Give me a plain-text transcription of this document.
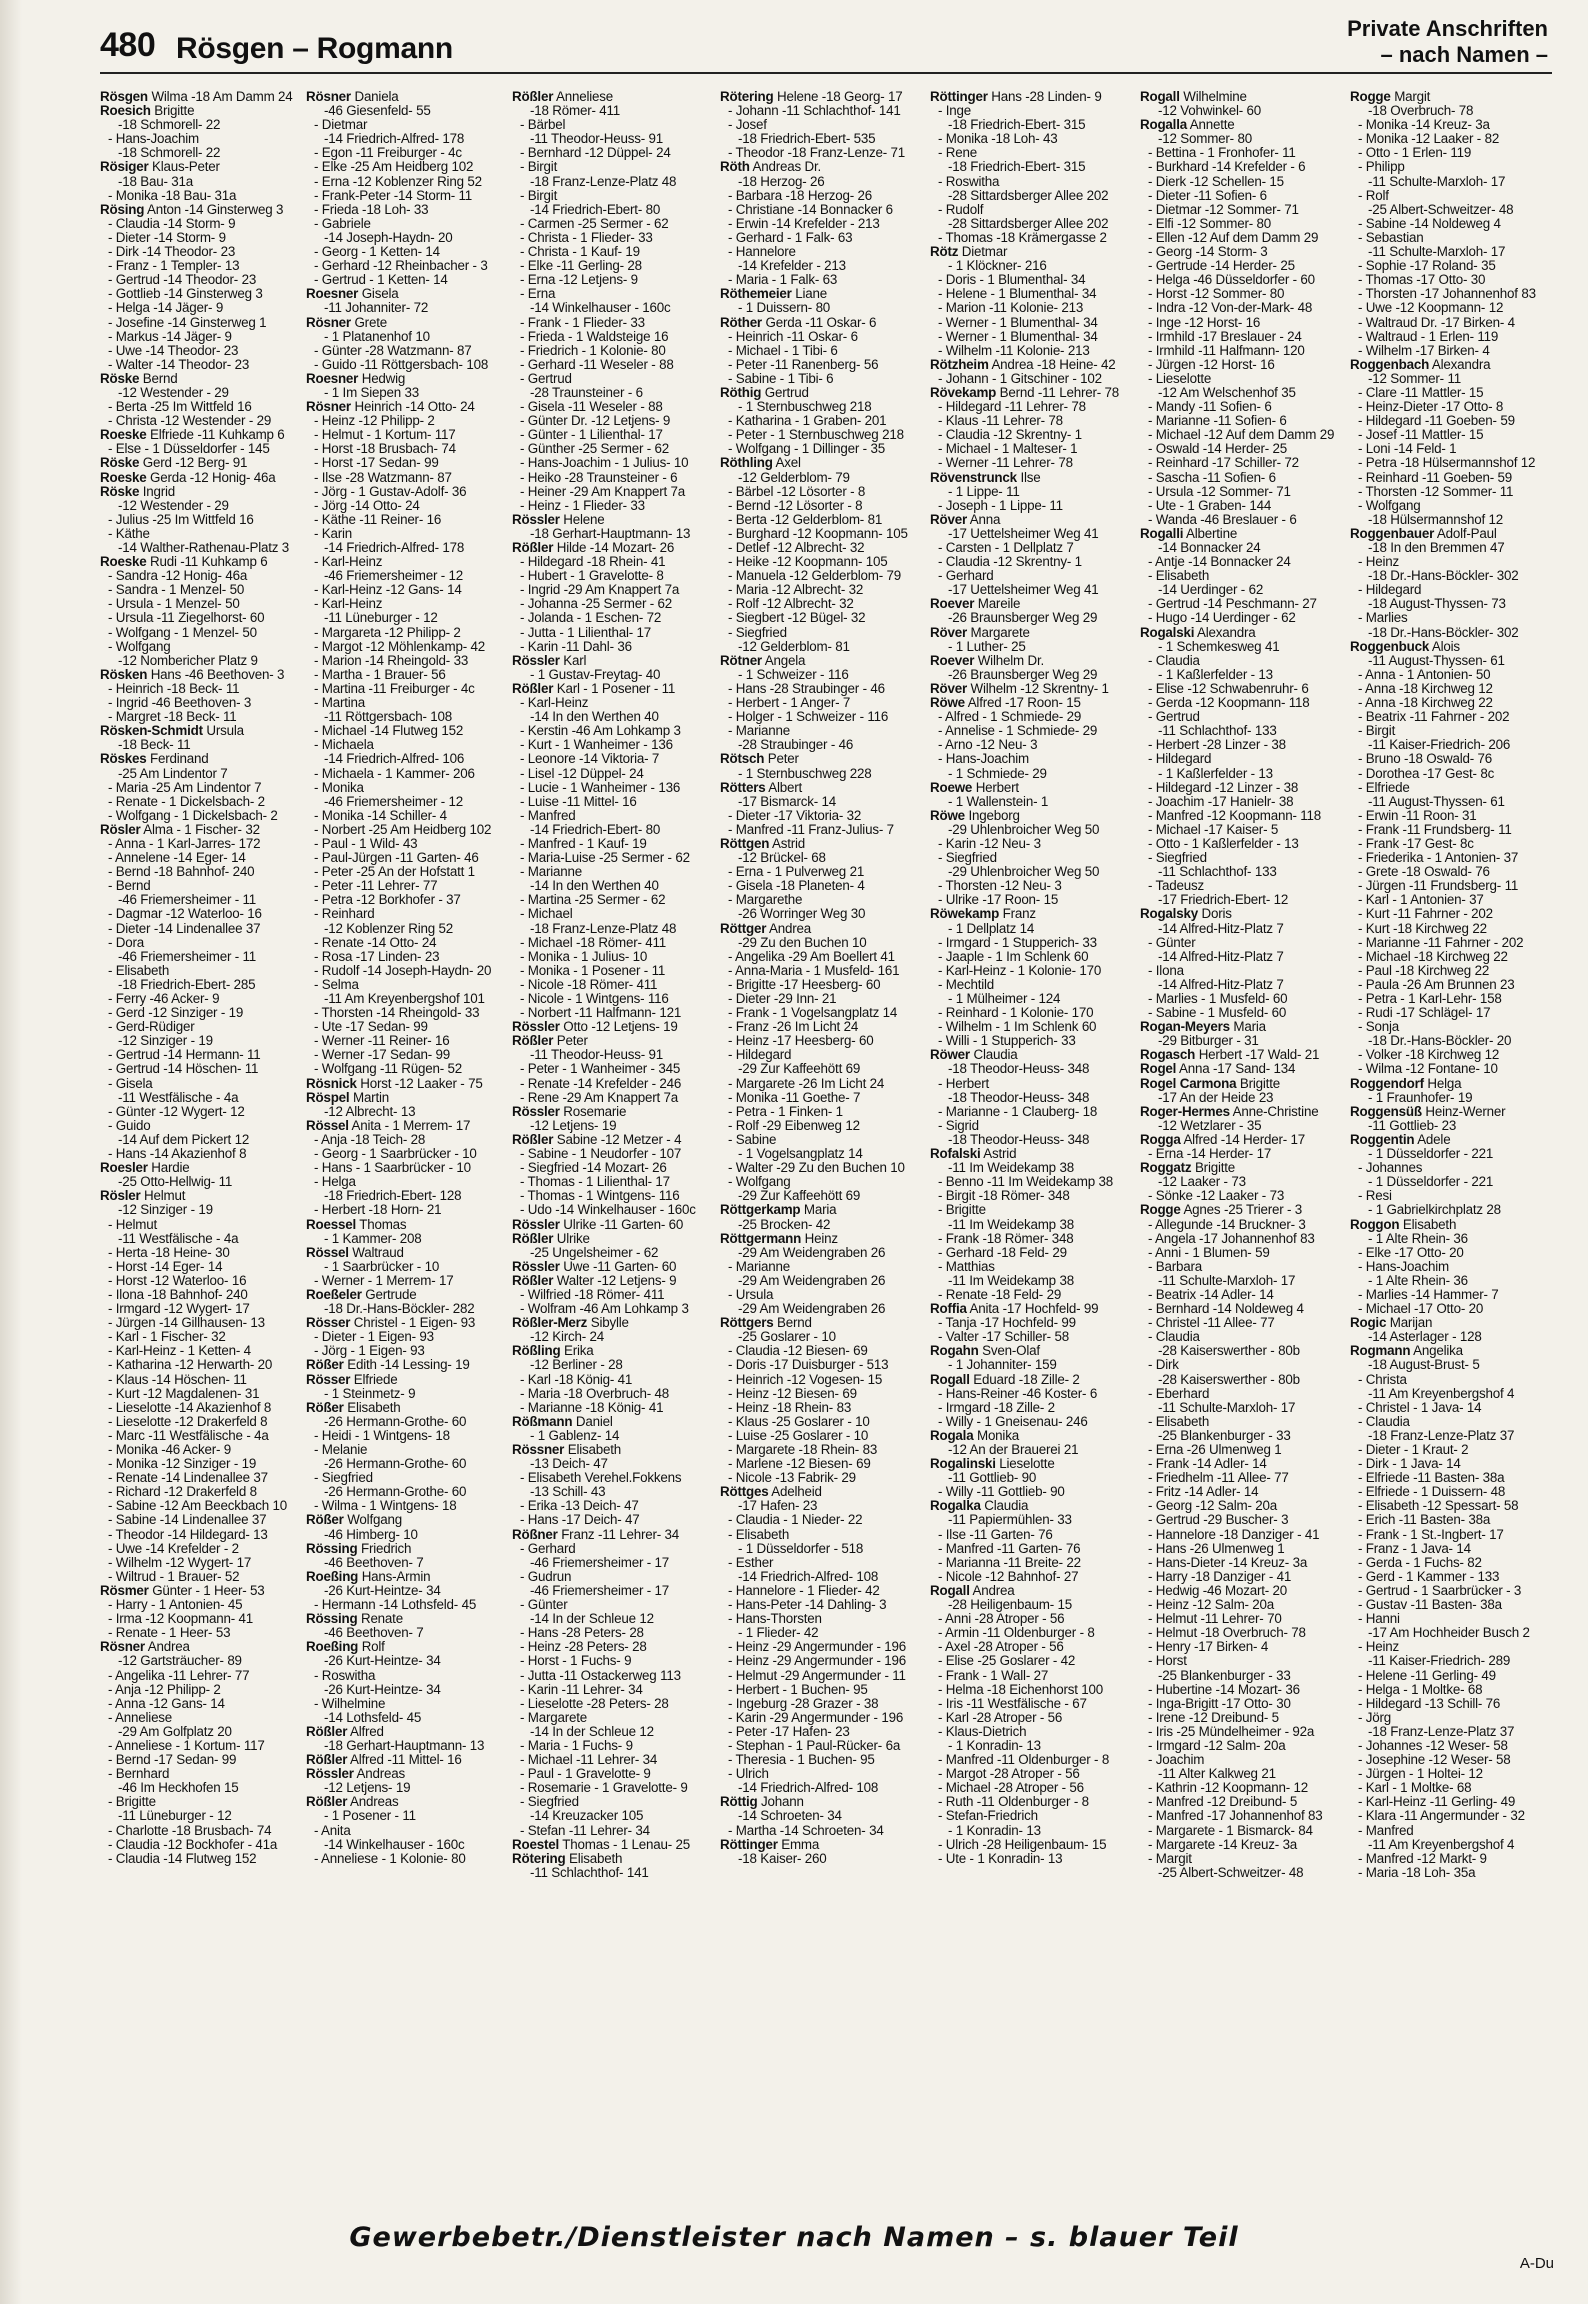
480 Rösgen – Rogmann
Private Anschriften
– nach Namen –
Rösgen Wilma -18 Am Damm 24
Roesich Brigitte
-18 Schmorell- 22
- Hans-Joachim
-18 Schmorell- 22
Rösiger Klaus-Peter
-18 Bau- 31a
- Monika -18 Bau- 31a
Rösing Anton -14 Ginsterweg 3
- Claudia -14 Storm- 9
- Dieter -14 Storm- 9
- Dirk -14 Theodor- 23
- Franz - 1 Templer- 13
- Gertrud -14 Theodor- 23
- Gottlieb -14 Ginsterweg 3
- Helga -14 Jäger- 9
- Josefine -14 Ginsterweg 1
- Markus -14 Jäger- 9
- Uwe -14 Theodor- 23
- Walter -14 Theodor- 23
Röske Bernd
-12 Westender - 29
- Berta -25 Im Wittfeld 16
- Christa -12 Westender - 29
Roeske Elfriede -11 Kuhkamp 6
- Else - 1 Düsseldorfer - 145
Röske Gerd -12 Berg- 91
Roeske Gerda -12 Honig- 46a
Röske Ingrid
-12 Westender - 29
- Julius -25 Im Wittfeld 16
- Käthe
-14 Walther-Rathenau-Platz 3
Roeske Rudi -11 Kuhkamp 6
- Sandra -12 Honig- 46a
- Sandra - 1 Menzel- 50
- Ursula - 1 Menzel- 50
- Ursula -11 Ziegelhorst- 60
- Wolfgang - 1 Menzel- 50
- Wolfgang
-12 Nombericher Platz 9
Rösken Hans -46 Beethoven- 3
- Heinrich -18 Beck- 11
- Ingrid -46 Beethoven- 3
- Margret -18 Beck- 11
Rösken-Schmidt Ursula
-18 Beck- 11
Röskes Ferdinand
-25 Am Lindentor 7
- Maria -25 Am Lindentor 7
- Renate - 1 Dickelsbach- 2
- Wolfgang - 1 Dickelsbach- 2
Rösler Alma - 1 Fischer- 32
- Anna - 1 Karl-Jarres- 172
- Annelene -14 Eger- 14
- Bernd -18 Bahnhof- 240
- Bernd
-46 Friemersheimer - 11
- Dagmar -12 Waterloo- 16
- Dieter -14 Lindenallee 37
- Dora
-46 Friemersheimer - 11
- Elisabeth
-18 Friedrich-Ebert- 285
- Ferry -46 Acker- 9
- Gerd -12 Sinziger - 19
- Gerd-Rüdiger
-12 Sinziger - 19
- Gertrud -14 Hermann- 11
- Gertrud -14 Höschen- 11
- Gisela
-11 Westfälische - 4a
- Günter -12 Wygert- 12
- Guido
-14 Auf dem Pickert 12
- Hans -14 Akazienhof 8
Roesler Hardie
-25 Otto-Hellwig- 11
Rösler Helmut
-12 Sinziger - 19
- Helmut
-11 Westfälische - 4a
- Herta -18 Heine- 30
- Horst -14 Eger- 14
- Horst -12 Waterloo- 16
- Ilona -18 Bahnhof- 240
- Irmgard -12 Wygert- 17
- Jürgen -14 Gillhausen- 13
- Karl - 1 Fischer- 32
- Karl-Heinz - 1 Ketten- 4
- Katharina -12 Herwarth- 20
- Klaus -14 Höschen- 11
- Kurt -12 Magdalenen- 31
- Lieselotte -14 Akazienhof 8
- Lieselotte -12 Drakerfeld 8
- Marc -11 Westfälische - 4a
- Monika -46 Acker- 9
- Monika -12 Sinziger - 19
- Renate -14 Lindenallee 37
- Richard -12 Drakerfeld 8
- Sabine -12 Am Beeckbach 10
- Sabine -14 Lindenallee 37
- Theodor -14 Hildegard- 13
- Uwe -14 Krefelder - 2
- Wilhelm -12 Wygert- 17
- Wiltrud - 1 Brauer- 52
Rösmer Günter - 1 Heer- 53
- Harry - 1 Antonien- 45
- Irma -12 Koopmann- 41
- Renate - 1 Heer- 53
Rösner Andrea
-12 Gartsträucher- 89
- Angelika -11 Lehrer- 77
- Anja -12 Philipp- 2
- Anna -12 Gans- 14
- Anneliese
-29 Am Golfplatz 20
- Anneliese - 1 Kortum- 117
- Bernd -17 Sedan- 99
- Bernhard
-46 Im Heckhofen 15
- Brigitte
-11 Lüneburger - 12
- Charlotte -18 Brusbach- 74
- Claudia -12 Bockhofer - 41a
- Claudia -14 Flutweg 152
Rösner Daniela
-46 Giesenfeld- 55
- Dietmar
-14 Friedrich-Alfred- 178
- Egon -11 Freiburger - 4c
- Elke -25 Am Heidberg 102
- Erna -12 Koblenzer Ring 52
- Frank-Peter -14 Storm- 11
- Frieda -18 Loh- 33
- Gabriele
-14 Joseph-Haydn- 20
- Georg - 1 Ketten- 14
- Gerhard -12 Rheinbacher - 3
- Gertrud - 1 Ketten- 14
Roesner Gisela
-11 Johanniter- 72
Rösner Grete
- 1 Platanenhof 10
- Günter -28 Watzmann- 87
- Guido -11 Röttgersbach- 108
Roesner Hedwig
- 1 Im Siepen 33
Rösner Heinrich -14 Otto- 24
- Heinz -12 Philipp- 2
- Helmut - 1 Kortum- 117
- Horst -18 Brusbach- 74
- Horst -17 Sedan- 99
- Ilse -28 Watzmann- 87
- Jörg - 1 Gustav-Adolf- 36
- Jörg -14 Otto- 24
- Käthe -11 Reiner- 16
- Karin
-14 Friedrich-Alfred- 178
- Karl-Heinz
-46 Friemersheimer - 12
- Karl-Heinz -12 Gans- 14
- Karl-Heinz
-11 Lüneburger - 12
- Margareta -12 Philipp- 2
- Margot -12 Möhlenkamp- 42
- Marion -14 Rheingold- 33
- Martha - 1 Brauer- 56
- Martina -11 Freiburger - 4c
- Martina
-11 Röttgersbach- 108
- Michael -14 Flutweg 152
- Michaela
-14 Friedrich-Alfred- 106
- Michaela - 1 Kammer- 206
- Monika
-46 Friemersheimer - 12
- Monika -14 Schiller- 4
- Norbert -25 Am Heidberg 102
- Paul - 1 Wild- 43
- Paul-Jürgen -11 Garten- 46
- Peter -25 An der Hofstatt 1
- Peter -11 Lehrer- 77
- Petra -12 Borkhofer - 37
- Reinhard
-12 Koblenzer Ring 52
- Renate -14 Otto- 24
- Rosa -17 Linden- 23
- Rudolf -14 Joseph-Haydn- 20
- Selma
-11 Am Kreyenbergshof 101
- Thorsten -14 Rheingold- 33
- Ute -17 Sedan- 99
- Werner -11 Reiner- 16
- Werner -17 Sedan- 99
- Wolfgang -11 Rügen- 52
Rösnick Horst -12 Laaker - 75
Röspel Martin
-12 Albrecht- 13
Rössel Anita - 1 Merrem- 17
- Anja -18 Teich- 28
- Georg - 1 Saarbrücker - 10
- Hans - 1 Saarbrücker - 10
- Helga
-18 Friedrich-Ebert- 128
- Herbert -18 Horn- 21
Roessel Thomas
- 1 Kammer- 208
Rössel Waltraud
- 1 Saarbrücker - 10
- Werner - 1 Merrem- 17
Roeßeler Gertrude
-18 Dr.-Hans-Böckler- 282
Rösser Christel - 1 Eigen- 93
- Dieter - 1 Eigen- 93
- Jörg - 1 Eigen- 93
Rößer Edith -14 Lessing- 19
Rösser Elfriede
- 1 Steinmetz- 9
Rößer Elisabeth
-26 Hermann-Grothe- 60
- Heidi - 1 Wintgens- 18
- Melanie
-26 Hermann-Grothe- 60
- Siegfried
-26 Hermann-Grothe- 60
- Wilma - 1 Wintgens- 18
Rößer Wolfgang
-46 Himberg- 10
Rössing Friedrich
-46 Beethoven- 7
Roeßing Hans-Armin
-26 Kurt-Heintze- 34
- Hermann -14 Lothsfeld- 45
Rössing Renate
-46 Beethoven- 7
Roeßing Rolf
-26 Kurt-Heintze- 34
- Roswitha
-26 Kurt-Heintze- 34
- Wilhelmine
-14 Lothsfeld- 45
Rößler Alfred
-18 Gerhart-Hauptmann- 13
Rößler Alfred -11 Mittel- 16
Rössler Andreas
-12 Letjens- 19
Rößler Andreas
- 1 Posener - 11
- Anita
-14 Winkelhauser - 160c
- Anneliese - 1 Kolonie- 80
Rößler Anneliese
-18 Römer- 411
- Bärbel
-11 Theodor-Heuss- 91
- Bernhard -12 Düppel- 24
- Birgit
-18 Franz-Lenze-Platz 48
- Birgit
-14 Friedrich-Ebert- 80
- Carmen -25 Sermer - 62
- Christa - 1 Flieder- 33
- Christa - 1 Kauf- 19
- Elke -11 Gerling- 28
- Erna -12 Letjens- 9
- Erna
-14 Winkelhauser - 160c
- Frank - 1 Flieder- 33
- Frieda - 1 Waldsteige 16
- Friedrich - 1 Kolonie- 80
- Gerhard -11 Weseler - 88
- Gertrud
-28 Traunsteiner - 6
- Gisela -11 Weseler - 88
- Günter Dr. -12 Letjens- 9
- Günter - 1 Lilienthal- 17
- Günther -25 Sermer - 62
- Hans-Joachim - 1 Julius- 10
- Heiko -28 Traunsteiner - 6
- Heiner -29 Am Knappert 7a
- Heinz - 1 Flieder- 33
Rössler Helene
-18 Gerhart-Hauptmann- 13
Rößler Hilde -14 Mozart- 26
- Hildegard -18 Rhein- 41
- Hubert - 1 Gravelotte- 8
- Ingrid -29 Am Knappert 7a
- Johanna -25 Sermer - 62
- Jolanda - 1 Eschen- 72
- Jutta - 1 Lilienthal- 17
- Karin -11 Dahl- 36
Rössler Karl
- 1 Gustav-Freytag- 40
Rößler Karl - 1 Posener - 11
- Karl-Heinz
-14 In den Werthen 40
- Kerstin -46 Am Lohkamp 3
- Kurt - 1 Wanheimer - 136
- Leonore -14 Viktoria- 7
- Lisel -12 Düppel- 24
- Lucie - 1 Wanheimer - 136
- Luise -11 Mittel- 16
- Manfred
-14 Friedrich-Ebert- 80
- Manfred - 1 Kauf- 19
- Maria-Luise -25 Sermer - 62
- Marianne
-14 In den Werthen 40
- Martina -25 Sermer - 62
- Michael
-18 Franz-Lenze-Platz 48
- Michael -18 Römer- 411
- Monika - 1 Julius- 10
- Monika - 1 Posener - 11
- Nicole -18 Römer- 411
- Nicole - 1 Wintgens- 116
- Norbert -11 Halfmann- 121
Rössler Otto -12 Letjens- 19
Rößler Peter
-11 Theodor-Heuss- 91
- Peter - 1 Wanheimer - 345
- Renate -14 Krefelder - 246
- Rene -29 Am Knappert 7a
Rössler Rosemarie
-12 Letjens- 19
Rößler Sabine -12 Metzer - 4
- Sabine - 1 Neudorfer - 107
- Siegfried -14 Mozart- 26
- Thomas - 1 Lilienthal- 17
- Thomas - 1 Wintgens- 116
- Udo -14 Winkelhauser - 160c
Rössler Ulrike -11 Garten- 60
Rößler Ulrike
-25 Ungelsheimer - 62
Rössler Uwe -11 Garten- 60
Rößler Walter -12 Letjens- 9
- Wilfried -18 Römer- 411
- Wolfram -46 Am Lohkamp 3
Rößler-Merz Sibylle
-12 Kirch- 24
Rößling Erika
-12 Berliner - 28
- Karl -18 König- 41
- Maria -18 Overbruch- 48
- Marianne -18 König- 41
Rößmann Daniel
- 1 Gablenz- 14
Rössner Elisabeth
-13 Deich- 47
- Elisabeth Verehel.Fokkens
-13 Schill- 43
- Erika -13 Deich- 47
- Hans -17 Deich- 47
Rößner Franz -11 Lehrer- 34
- Gerhard
-46 Friemersheimer - 17
- Gudrun
-46 Friemersheimer - 17
- Günter
-14 In der Schleue 12
- Hans -28 Peters- 28
- Heinz -28 Peters- 28
- Horst - 1 Fuchs- 9
- Jutta -11 Ostackerweg 113
- Karin -11 Lehrer- 34
- Lieselotte -28 Peters- 28
- Margarete
-14 In der Schleue 12
- Maria - 1 Fuchs- 9
- Michael -11 Lehrer- 34
- Paul - 1 Gravelotte- 9
- Rosemarie - 1 Gravelotte- 9
- Siegfried
-14 Kreuzacker 105
- Stefan -11 Lehrer- 34
Roestel Thomas - 1 Lenau- 25
Rötering Elisabeth
-11 Schlachthof- 141
Rötering Helene -18 Georg- 17
- Johann -11 Schlachthof- 141
- Josef
-18 Friedrich-Ebert- 535
- Theodor -18 Franz-Lenze- 71
Röth Andreas Dr.
-18 Herzog- 26
- Barbara -18 Herzog- 26
- Christiane -14 Bonnacker 6
- Erwin -14 Krefelder - 213
- Gerhard - 1 Falk- 63
- Hannelore
-14 Krefelder - 213
- Maria - 1 Falk- 63
Röthemeier Liane
- 1 Duissern- 80
Röther Gerda -11 Oskar- 6
- Heinrich -11 Oskar- 6
- Michael - 1 Tibi- 6
- Peter -11 Ranenberg- 56
- Sabine - 1 Tibi- 6
Röthig Gertrud
- 1 Sternbuschweg 218
- Katharina - 1 Graben- 201
- Peter - 1 Sternbuschweg 218
- Wolfgang - 1 Dillinger - 35
Röthling Axel
-12 Gelderblom- 79
- Bärbel -12 Lösorter - 8
- Bernd -12 Lösorter - 8
- Berta -12 Gelderblom- 81
- Burghard -12 Koopmann- 105
- Detlef -12 Albrecht- 32
- Heike -12 Koopmann- 105
- Manuela -12 Gelderblom- 79
- Maria -12 Albrecht- 32
- Rolf -12 Albrecht- 32
- Siegbert -12 Bügel- 32
- Siegfried
-12 Gelderblom- 81
Rötner Angela
- 1 Schweizer - 116
- Hans -28 Straubinger - 46
- Herbert - 1 Anger- 7
- Holger - 1 Schweizer - 116
- Marianne
-28 Straubinger - 46
Rötsch Peter
- 1 Sternbuschweg 228
Rötters Albert
-17 Bismarck- 14
- Dieter -17 Viktoria- 32
- Manfred -11 Franz-Julius- 7
Röttgen Astrid
-12 Brückel- 68
- Erna - 1 Pulverweg 21
- Gisela -18 Planeten- 4
- Margarethe
-26 Worringer Weg 30
Röttger Andrea
-29 Zu den Buchen 10
- Angelika -29 Am Boellert 41
- Anna-Maria - 1 Musfeld- 161
- Brigitte -17 Heesberg- 60
- Dieter -29 Inn- 21
- Frank - 1 Vogelsangplatz 14
- Franz -26 Im Licht 24
- Heinz -17 Heesberg- 60
- Hildegard
-29 Zur Kaffeehött 69
- Margarete -26 Im Licht 24
- Monika -11 Goethe- 7
- Petra - 1 Finken- 1
- Rolf -29 Eibenweg 12
- Sabine
- 1 Vogelsangplatz 14
- Walter -29 Zu den Buchen 10
- Wolfgang
-29 Zur Kaffeehött 69
Röttgerkamp Maria
-25 Brocken- 42
Röttgermann Heinz
-29 Am Weidengraben 26
- Marianne
-29 Am Weidengraben 26
- Ursula
-29 Am Weidengraben 26
Röttgers Bernd
-25 Goslarer - 10
- Claudia -12 Biesen- 69
- Doris -17 Duisburger - 513
- Heinrich -12 Vogesen- 15
- Heinz -12 Biesen- 69
- Heinz -18 Rhein- 83
- Klaus -25 Goslarer - 10
- Luise -25 Goslarer - 10
- Margarete -18 Rhein- 83
- Marlene -12 Biesen- 69
- Nicole -13 Fabrik- 29
Röttges Adelheid
-17 Hafen- 23
- Claudia - 1 Nieder- 22
- Elisabeth
- 1 Düsseldorfer - 518
- Esther
-14 Friedrich-Alfred- 108
- Hannelore - 1 Flieder- 42
- Hans-Peter -14 Dahling- 3
- Hans-Thorsten
- 1 Flieder- 42
- Heinz -29 Angermunder - 196
- Heinz -29 Angermunder - 196
- Helmut -29 Angermunder - 11
- Herbert - 1 Buchen- 95
- Ingeburg -28 Grazer - 38
- Karin -29 Angermunder - 196
- Peter -17 Hafen- 23
- Stephan - 1 Paul-Rücker- 6a
- Theresia - 1 Buchen- 95
- Ulrich
-14 Friedrich-Alfred- 108
Röttig Johann
-14 Schroeten- 34
- Martha -14 Schroeten- 34
Röttinger Emma
-18 Kaiser- 260
Röttinger Hans -28 Linden- 9
- Inge
-18 Friedrich-Ebert- 315
- Monika -18 Loh- 43
- Rene
-18 Friedrich-Ebert- 315
- Roswitha
-28 Sittardsberger Allee 202
- Rudolf
-28 Sittardsberger Allee 202
- Thomas -18 Krämergasse 2
Rötz Dietmar
- 1 Klöckner- 216
- Doris - 1 Blumenthal- 34
- Helene - 1 Blumenthal- 34
- Marion -11 Kolonie- 213
- Werner - 1 Blumenthal- 34
- Werner - 1 Blumenthal- 34
- Wilhelm -11 Kolonie- 213
Rötzheim Andrea -18 Heine- 42
- Johann - 1 Gitschiner - 102
Rövekamp Bernd -11 Lehrer- 78
- Hildegard -11 Lehrer- 78
- Klaus -11 Lehrer- 78
- Claudia -12 Skrentny- 1
- Michael - 1 Malteser- 1
- Werner -11 Lehrer- 78
Rövenstrunck Ilse
- 1 Lippe- 11
- Joseph - 1 Lippe- 11
Röver Anna
-17 Uettelsheimer Weg 41
- Carsten - 1 Dellplatz 7
- Claudia -12 Skrentny- 1
- Gerhard
-17 Uettelsheimer Weg 41
Roever Mareile
-26 Braunsberger Weg 29
Röver Margarete
- 1 Luther- 25
Roever Wilhelm Dr.
-26 Braunsberger Weg 29
Röver Wilhelm -12 Skrentny- 1
Röwe Alfred -17 Roon- 15
- Alfred - 1 Schmiede- 29
- Annelise - 1 Schmiede- 29
- Arno -12 Neu- 3
- Hans-Joachim
- 1 Schmiede- 29
Roewe Herbert
- 1 Wallenstein- 1
Röwe Ingeborg
-29 Uhlenbroicher Weg 50
- Karin -12 Neu- 3
- Siegfried
-29 Uhlenbroicher Weg 50
- Thorsten -12 Neu- 3
- Ulrike -17 Roon- 15
Röwekamp Franz
- 1 Dellplatz 14
- Irmgard - 1 Stupperich- 33
- Jaaple - 1 Im Schlenk 60
- Karl-Heinz - 1 Kolonie- 170
- Mechtild
- 1 Mülheimer - 124
- Reinhard - 1 Kolonie- 170
- Wilhelm - 1 Im Schlenk 60
- Willi - 1 Stupperich- 33
Röwer Claudia
-18 Theodor-Heuss- 348
- Herbert
-18 Theodor-Heuss- 348
- Marianne - 1 Clauberg- 18
- Sigrid
-18 Theodor-Heuss- 348
Rofalski Astrid
-11 Im Weidekamp 38
- Benno -11 Im Weidekamp 38
- Birgit -18 Römer- 348
- Brigitte
-11 Im Weidekamp 38
- Frank -18 Römer- 348
- Gerhard -18 Feld- 29
- Matthias
-11 Im Weidekamp 38
- Renate -18 Feld- 29
Roffia Anita -17 Hochfeld- 99
- Tanja -17 Hochfeld- 99
- Valter -17 Schiller- 58
Rogahn Sven-Olaf
- 1 Johanniter- 159
Rogall Eduard -18 Zille- 2
- Hans-Reiner -46 Koster- 6
- Irmgard -18 Zille- 2
- Willy - 1 Gneisenau- 246
Rogala Monika
-12 An der Brauerei 21
Rogalinski Lieselotte
-11 Gottlieb- 90
- Willy -11 Gottlieb- 90
Rogalka Claudia
-11 Papiermühlen- 33
- Ilse -11 Garten- 76
- Manfred -11 Garten- 76
- Marianna -11 Breite- 22
- Nicole -12 Bahnhof- 27
Rogall Andrea
-28 Heiligenbaum- 15
- Anni -28 Atroper - 56
- Armin -11 Oldenburger - 8
- Axel -28 Atroper - 56
- Elise -25 Goslarer - 42
- Frank - 1 Wall- 27
- Helma -18 Eichenhorst 100
- Iris -11 Westfälische - 67
- Karl -28 Atroper - 56
- Klaus-Dietrich
- 1 Konradin- 13
- Manfred -11 Oldenburger - 8
- Margot -28 Atroper - 56
- Michael -28 Atroper - 56
- Ruth -11 Oldenburger - 8
- Stefan-Friedrich
- 1 Konradin- 13
- Ulrich -28 Heiligenbaum- 15
- Ute - 1 Konradin- 13
Rogall Wilhelmine
-12 Vohwinkel- 60
Rogalla Annette
-12 Sommer- 80
- Bettina - 1 Fronhofer- 11
- Burkhard -14 Krefelder - 6
- Dierk -12 Schellen- 15
- Dieter -11 Sofien- 6
- Dietmar -12 Sommer- 71
- Elfi -12 Sommer- 80
- Ellen -12 Auf dem Damm 29
- Georg -14 Storm- 3
- Gertrude -14 Herder- 25
- Helga -46 Düsseldorfer - 60
- Horst -12 Sommer- 80
- Indra -12 Von-der-Mark- 48
- Inge -12 Horst- 16
- Irmhild -17 Breslauer - 24
- Irmhild -11 Halfmann- 120
- Jürgen -12 Horst- 16
- Lieselotte
-12 Am Welschenhof 35
- Mandy -11 Sofien- 6
- Marianne -11 Sofien- 6
- Michael -12 Auf dem Damm 29
- Oswald -14 Herder- 25
- Reinhard -17 Schiller- 72
- Sascha -11 Sofien- 6
- Ursula -12 Sommer- 71
- Ute - 1 Graben- 144
- Wanda -46 Breslauer - 6
Rogalli Albertine
-14 Bonnacker 24
- Antje -14 Bonnacker 24
- Elisabeth
-14 Uerdinger - 62
- Gertrud -14 Peschmann- 27
- Hugo -14 Uerdinger - 62
Rogalski Alexandra
- 1 Schemkesweg 41
- Claudia
- 1 Kaßlerfelder - 13
- Elise -12 Schwabenruhr- 6
- Gerda -12 Koopmann- 118
- Gertrud
-11 Schlachthof- 133
- Herbert -28 Linzer - 38
- Hildegard
- 1 Kaßlerfelder - 13
- Hildegard -12 Linzer - 38
- Joachim -17 Hanielr- 38
- Manfred -12 Koopmann- 118
- Michael -17 Kaiser- 5
- Otto - 1 Kaßlerfelder - 13
- Siegfried
-11 Schlachthof- 133
- Tadeusz
-17 Friedrich-Ebert- 12
Rogalsky Doris
-14 Alfred-Hitz-Platz 7
- Günter
-14 Alfred-Hitz-Platz 7
- Ilona
-14 Alfred-Hitz-Platz 7
- Marlies - 1 Musfeld- 60
- Sabine - 1 Musfeld- 60
Rogan-Meyers Maria
-29 Bitburger - 31
Rogasch Herbert -17 Wald- 21
Rogel Anna -17 Sand- 134
Rogel Carmona Brigitte
-17 An der Heide 23
Roger-Hermes Anne-Christine
-12 Wetzlarer - 35
Rogga Alfred -14 Herder- 17
- Erna -14 Herder- 17
Roggatz Brigitte
-12 Laaker - 73
- Sönke -12 Laaker - 73
Rogge Agnes -25 Trierer - 3
- Allegunde -14 Bruckner- 3
- Angela -17 Johannenhof 83
- Anni - 1 Blumen- 59
- Barbara
-11 Schulte-Marxloh- 17
- Beatrix -14 Adler- 14
- Bernhard -14 Noldeweg 4
- Christel -11 Allee- 77
- Claudia
-28 Kaiserswerther - 80b
- Dirk
-28 Kaiserswerther - 80b
- Eberhard
-11 Schulte-Marxloh- 17
- Elisabeth
-25 Blankenburger - 33
- Erna -26 Ulmenweg 1
- Frank -14 Adler- 14
- Friedhelm -11 Allee- 77
- Fritz -14 Adler- 14
- Georg -12 Salm- 20a
- Gertrud -29 Buscher- 3
- Hannelore -18 Danziger - 41
- Hans -26 Ulmenweg 1
- Hans-Dieter -14 Kreuz- 3a
- Harry -18 Danziger - 41
- Hedwig -46 Mozart- 20
- Heinz -12 Salm- 20a
- Helmut -11 Lehrer- 70
- Helmut -18 Overbruch- 78
- Henry -17 Birken- 4
- Horst
-25 Blankenburger - 33
- Hubertine -14 Mozart- 36
- Inga-Brigitt -17 Otto- 30
- Irene -12 Dreibund- 5
- Iris -25 Mündelheimer - 92a
- Irmgard -12 Salm- 20a
- Joachim
-11 Alter Kalkweg 21
- Kathrin -12 Koopmann- 12
- Manfred -12 Dreibund- 5
- Manfred -17 Johannenhof 83
- Margarete - 1 Bismarck- 84
- Margarete -14 Kreuz- 3a
- Margit
-25 Albert-Schweitzer- 48
Rogge Margit
-18 Overbruch- 78
- Monika -14 Kreuz- 3a
- Monika -12 Laaker - 82
- Otto - 1 Erlen- 119
- Philipp
-11 Schulte-Marxloh- 17
- Rolf
-25 Albert-Schweitzer- 48
- Sabine -14 Noldeweg 4
- Sebastian
-11 Schulte-Marxloh- 17
- Sophie -17 Roland- 35
- Thomas -17 Otto- 30
- Thorsten -17 Johannenhof 83
- Uwe -12 Koopmann- 12
- Waltraud Dr. -17 Birken- 4
- Waltraud - 1 Erlen- 119
- Wilhelm -17 Birken- 4
Roggenbach Alexandra
-12 Sommer- 11
- Clare -11 Mattler- 15
- Heinz-Dieter -17 Otto- 8
- Hildegard -11 Goeben- 59
- Josef -11 Mattler- 15
- Loni -14 Feld- 1
- Petra -18 Hülsermannshof 12
- Reinhard -11 Goeben- 59
- Thorsten -12 Sommer- 11
- Wolfgang
-18 Hülsermannshof 12
Roggenbauer Adolf-Paul
-18 In den Bremmen 47
- Heinz
-18 Dr.-Hans-Böckler- 302
- Hildegard
-18 August-Thyssen- 73
- Marlies
-18 Dr.-Hans-Böckler- 302
Roggenbuck Alois
-11 August-Thyssen- 61
- Anna - 1 Antonien- 50
- Anna -18 Kirchweg 12
- Anna -18 Kirchweg 22
- Beatrix -11 Fahrner - 202
- Birgit
-11 Kaiser-Friedrich- 206
- Bruno -18 Oswald- 76
- Dorothea -17 Gest- 8c
- Elfriede
-11 August-Thyssen- 61
- Erwin -11 Roon- 31
- Frank -11 Frundsberg- 11
- Frank -17 Gest- 8c
- Friederika - 1 Antonien- 37
- Grete -18 Oswald- 76
- Jürgen -11 Frundsberg- 11
- Karl - 1 Antonien- 37
- Kurt -11 Fahrner - 202
- Kurt -18 Kirchweg 22
- Marianne -11 Fahrner - 202
- Michael -18 Kirchweg 22
- Paul -18 Kirchweg 22
- Paula -26 Am Brunnen 23
- Petra - 1 Karl-Lehr- 158
- Rudi -17 Schlägel- 17
- Sonja
-18 Dr.-Hans-Böckler- 20
- Volker -18 Kirchweg 12
- Wilma -12 Fontane- 10
Roggendorf Helga
- 1 Fraunhofer- 19
Roggensüß Heinz-Werner
-11 Gottlieb- 23
Roggentin Adele
- 1 Düsseldorfer - 221
- Johannes
- 1 Düsseldorfer - 221
- Resi
- 1 Gabrielkirchplatz 28
Roggon Elisabeth
- 1 Alte Rhein- 36
- Elke -17 Otto- 20
- Hans-Joachim
- 1 Alte Rhein- 36
- Marlies -14 Hammer- 7
- Michael -17 Otto- 20
Rogic Marijan
-14 Asterlager - 128
Rogmann Angelika
-18 August-Brust- 5
- Christa
-11 Am Kreyenbergshof 4
- Christel - 1 Java- 14
- Claudia
-18 Franz-Lenze-Platz 37
- Dieter - 1 Kraut- 2
- Dirk - 1 Java- 14
- Elfriede -11 Basten- 38a
- Elfriede - 1 Duissern- 48
- Elisabeth -12 Spessart- 58
- Erich -11 Basten- 38a
- Frank - 1 St.-Ingbert- 17
- Franz - 1 Java- 14
- Gerda - 1 Fuchs- 82
- Gerd - 1 Kammer - 133
- Gertrud - 1 Saarbrücker - 3
- Gustav -11 Basten- 38a
- Hanni
-17 Am Hochheider Busch 2
- Heinz
-11 Kaiser-Friedrich- 289
- Helene -11 Gerling- 49
- Helga - 1 Moltke- 68
- Hildegard -13 Schill- 76
- Jörg
-18 Franz-Lenze-Platz 37
- Johannes -12 Weser- 58
- Josephine -12 Weser- 58
- Jürgen - 1 Holtei- 12
- Karl - 1 Moltke- 68
- Karl-Heinz -11 Gerling- 49
- Klara -11 Angermunder - 32
- Manfred
-11 Am Kreyenbergshof 4
- Manfred -12 Markt- 9
- Maria -18 Loh- 35a
Gewerbebetr./Dienstleister nach Namen – s. blauer Teil
A-Du
